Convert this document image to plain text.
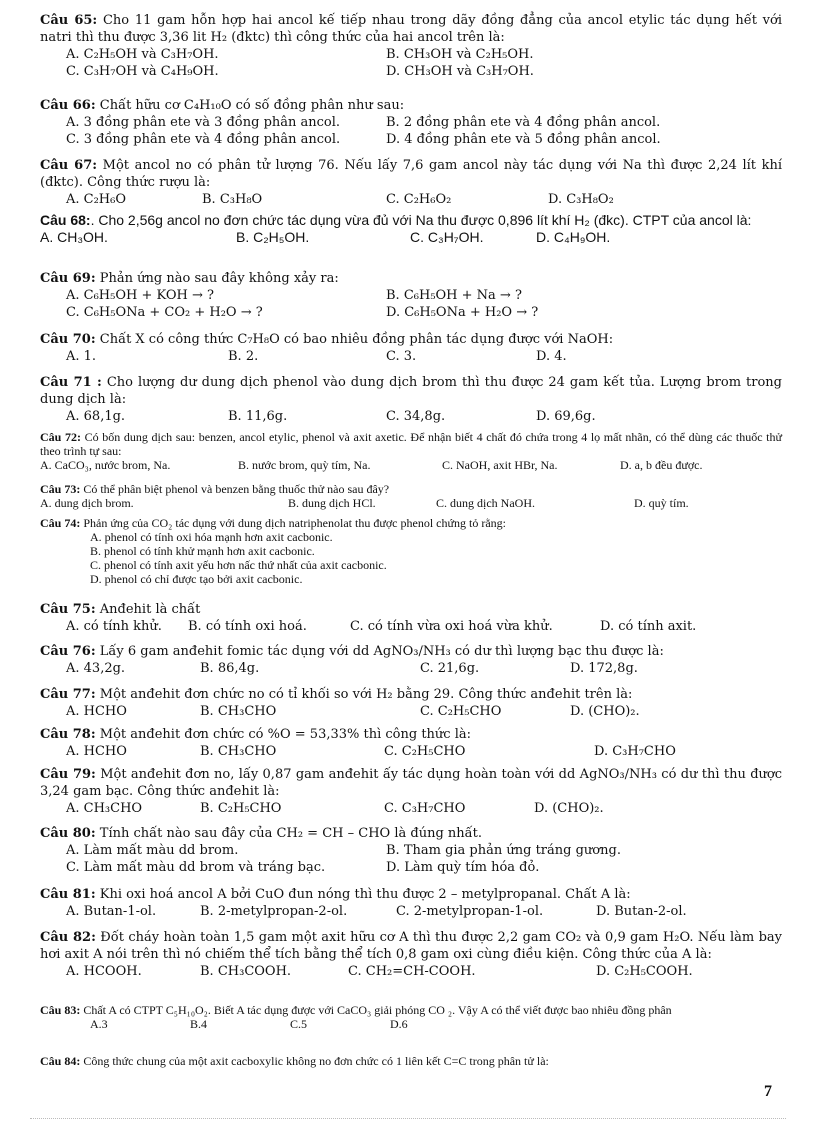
Câu 65: Cho 11 gam hỗn hợp hai ancol kế tiếp nhau trong dãy đồng đẳng của ancol etylic tác dụng hết với natri thì thu được 3,36 lit H₂ (đktc) thì công thức của hai ancol trên là:
A. C₂H₅OH và C₃H₇OH.	B. CH₃OH và C₂H₅OH.
C. C₃H₇OH và C₄H₉OH.	D. CH₃OH và C₃H₇OH.
Câu 66: Chất hữu cơ C₄H₁₀O có số đồng phân như sau:
A. 3 đồng phân ete và 3 đồng phân ancol.	B. 2 đồng phân ete và 4 đồng phân ancol.
C. 3 đồng phân ete và 4 đồng phân ancol.	D. 4 đồng phân ete và 5 đồng phân ancol.
Câu 67: Một ancol no có phân tử lượng 76. Nếu lấy 7,6 gam ancol này tác dụng với Na thì được 2,24 lít khí (đktc). Công thức rượu là:
A. C₂H₆O	B. C₃H₈O	C. C₂H₆O₂	D. C₃H₈O₂
Câu 68:. Cho 2,56g ancol no đơn chức tác dụng vừa đủ với Na thu được 0,896 lít khí H₂ (đkc). CTPT của ancol là:
A. CH₃OH.	B. C₂H₅OH.	C. C₃H₇OH.	D. C₄H₉OH.
Câu 69: Phản ứng nào sau đây không xảy ra:
A. C₆H₅OH + KOH → ?	B. C₆H₅OH + Na → ?
C. C₆H₅ONa + CO₂ + H₂O → ?	D. C₆H₅ONa + H₂O → ?
Câu 70: Chất X có công thức C₇H₈O có bao nhiêu đồng phân tác dụng được với NaOH:
A. 1.	B. 2.	C. 3.	D. 4.
Câu 71 : Cho lượng dư dung dịch phenol vào dung dịch brom thì thu được 24 gam kết tủa. Lượng brom trong dung dịch là:
A. 68,1g.	B. 11,6g.	C. 34,8g.	D. 69,6g.
Câu 72: Có bốn dung dịch sau: benzen, ancol etylic, phenol và axit axetic. Để nhận biết 4 chất đó chứa trong 4 lọ mất nhãn, có thể dùng các thuốc thử theo trình tự sau:
A. CaCO₃, nước brom, Na.	B. nước brom, quỳ tím, Na.	C. NaOH, axit HBr, Na.	D. a, b đều được.
Câu 73: Có thể phân biệt phenol và benzen bằng thuốc thử nào sau đây?
A. dung dịch brom.	B. dung dịch HCl.	C. dung dịch NaOH.	D. quỳ tím.
Câu 74: Phản ứng của CO₂ tác dụng với dung dịch natriphenolat thu được phenol chứng tỏ rằng:
A. phenol có tính oxi hóa mạnh hơn axit cacbonic.
B. phenol có tính khử mạnh hơn axit cacbonic.
C. phenol có tính axit yếu hơn nấc thứ nhất của axit cacbonic.
D. phenol có chỉ được tạo bởi axit cacbonic.
Câu 75: Anđehit là chất
A. có tính khử. B. có tính oxi hoá.	C. có tính vừa oxi hoá vừa khử.	D. có tính axit.
Câu 76: Lấy 6 gam anđehit fomic tác dụng với dd AgNO₃/NH₃ có dư thì lượng bạc thu được là:
A. 43,2g.	B. 86,4g.	C. 21,6g.	D. 172,8g.
Câu 77: Một anđehit đơn chức no có tỉ khối so với H₂ bằng 29. Công thức anđehit trên là:
A. HCHO	B. CH₃CHO	C. C₂H₅CHO	D. (CHO)₂.
Câu 78: Một anđehit đơn chức có %O = 53,33% thì công thức là:
A. HCHO	B. CH₃CHO	C. C₂H₅CHO	D. C₃H₇CHO
Câu 79: Một anđehit đơn no, lấy 0,87 gam anđehit ấy tác dụng hoàn toàn với dd AgNO₃/NH₃ có dư thì thu được 3,24 gam bạc. Công thức anđehit là:
A. CH₃CHO	B. C₂H₅CHO	C. C₃H₇CHO	D. (CHO)₂.
Câu 80: Tính chất nào sau đây của CH₂ = CH – CHO là đúng nhất.
A. Làm mất màu dd brom.	B. Tham gia phản ứng tráng gương.
C. Làm mất màu dd brom và tráng bạc.	D. Làm quỳ tím hóa đỏ.
Câu 81: Khi oxi hoá ancol A bởi CuO đun nóng thì thu được 2 – metylpropanal. Chất A là:
A. Butan-1-ol.	B. 2-metylpropan-2-ol.	C. 2-metylpropan-1-ol.	D. Butan-2-ol.
Câu 82: Đốt cháy hoàn toàn 1,5 gam một axit hữu cơ A thì thu được 2,2 gam CO₂ và 0,9 gam H₂O. Nếu làm bay hơi axit A nói trên thì nó chiếm thể tích bằng thể tích 0,8 gam oxi cùng điều kiện. Công thức của A là:
A. HCOOH.	B. CH₃COOH.	C. CH₂=CH-COOH.	D. C₂H₅COOH.
Câu 83: Chất A có CTPT C₅H₁₀O₂. Biết A tác dụng được với CaCO₃ giải phóng CO ₂. Vậy A có thể viết được bao nhiêu đồng phân
A.3	B.4	C.5	D.6
Câu 84: Công thức chung của một axit cacboxylic không no đơn chức có 1 liên kết C=C trong phân tử là:
7
